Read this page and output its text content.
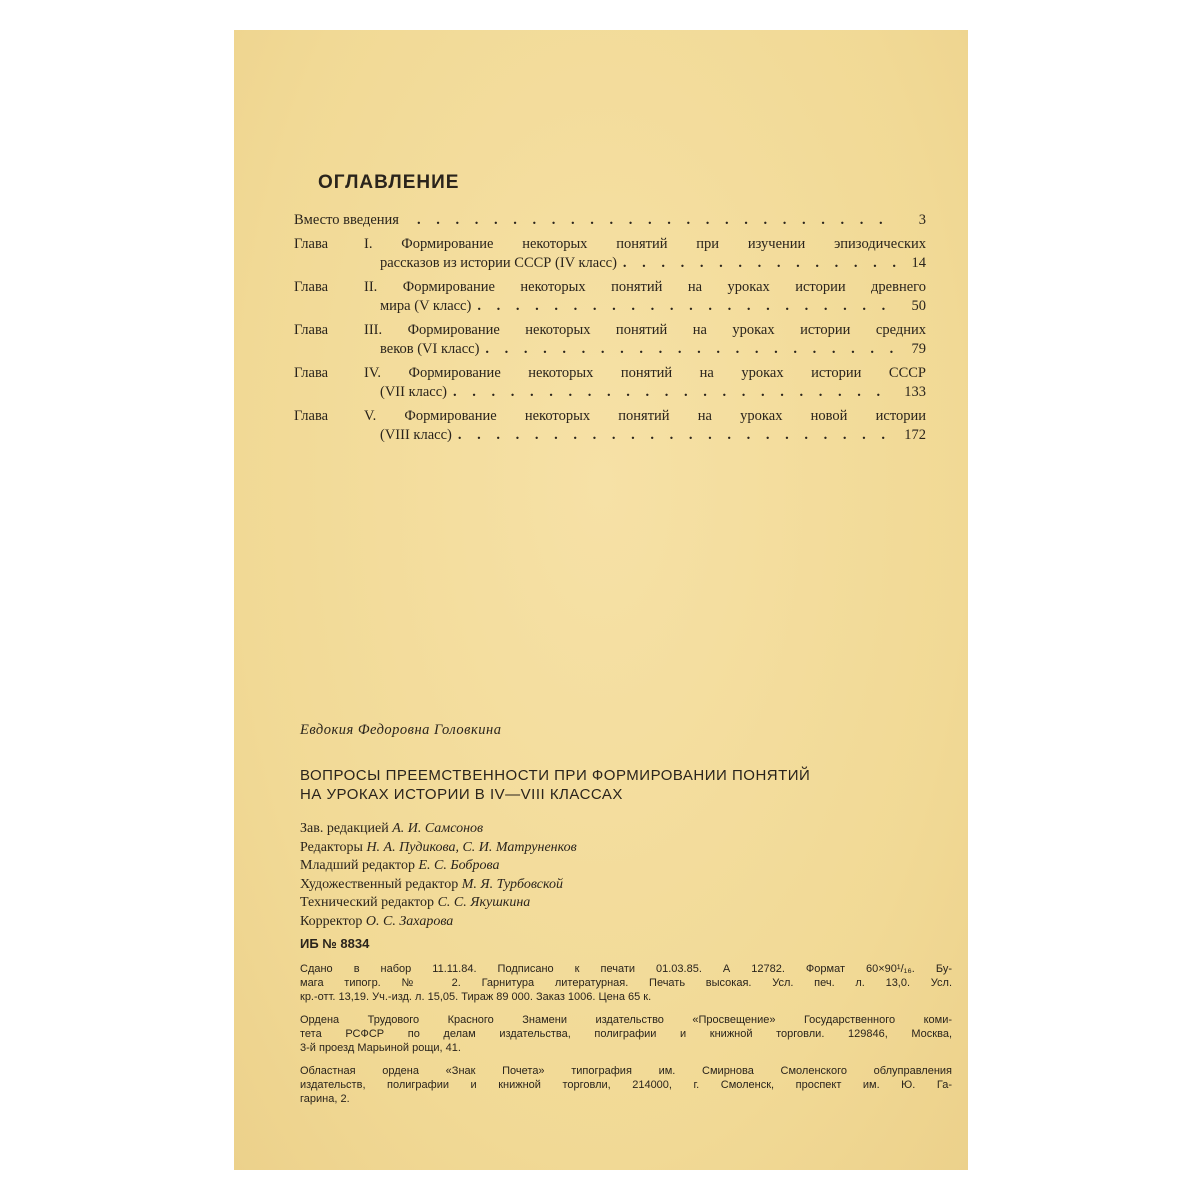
ОГЛАВЛЕНИЕ
Вместо введения . . .	3
Глава	I. Формирование некоторых понятий при изучении эпизодических
рассказов из истории СССР (IV класс) . . .	14
Глава	II. Формирование некоторых понятий на уроках истории древнего
мира (V класс) . . .	50
Глава	III. Формирование некоторых понятий на уроках истории средних
веков (VI класс) . . .	79
Глава	IV. Формирование некоторых понятий на уроках истории СССР
(VII класс) . . .	133
Глава	V. Формирование некоторых понятий на уроках новой истории
(VIII класс) . . .	172
Евдокия Федоровна Головкина
ВОПРОСЫ ПРЕЕМСТВЕННОСТИ ПРИ ФОРМИРОВАНИИ ПОНЯТИЙ
НА УРОКАХ ИСТОРИИ В IV—VIII КЛАССАХ
Зав. редакцией А. И. Самсонов
Редакторы Н. А. Пудикова, С. И. Матруненков
Младший редактор Е. С. Боброва
Художественный редактор М. Я. Турбовской
Технический редактор С. С. Якушкина
Корректор О. С. Захарова
ИБ № 8834
Сдано в набор 11.11.84. Подписано к печати 01.03.85. А 12782. Формат 60×90¹/₁₆. Бу-
мага типогр. № 2. Гарнитура литературная. Печать высокая. Усл. печ. л. 13,0. Усл.
кр.-отт. 13,19. Уч.-изд. л. 15,05. Тираж 89 000. Заказ 1006. Цена 65 к.
Ордена Трудового Красного Знамени издательство «Просвещение» Государственного коми-
тета РСФСР по делам издательства, полиграфии и книжной торговли. 129846, Москва,
3-й проезд Марьиной рощи, 41.
Областная ордена «Знак Почета» типография им. Смирнова Смоленского облуправления
издательств, полиграфии и книжной торговли, 214000, г. Смоленск, проспект им. Ю. Га-
гарина, 2.
